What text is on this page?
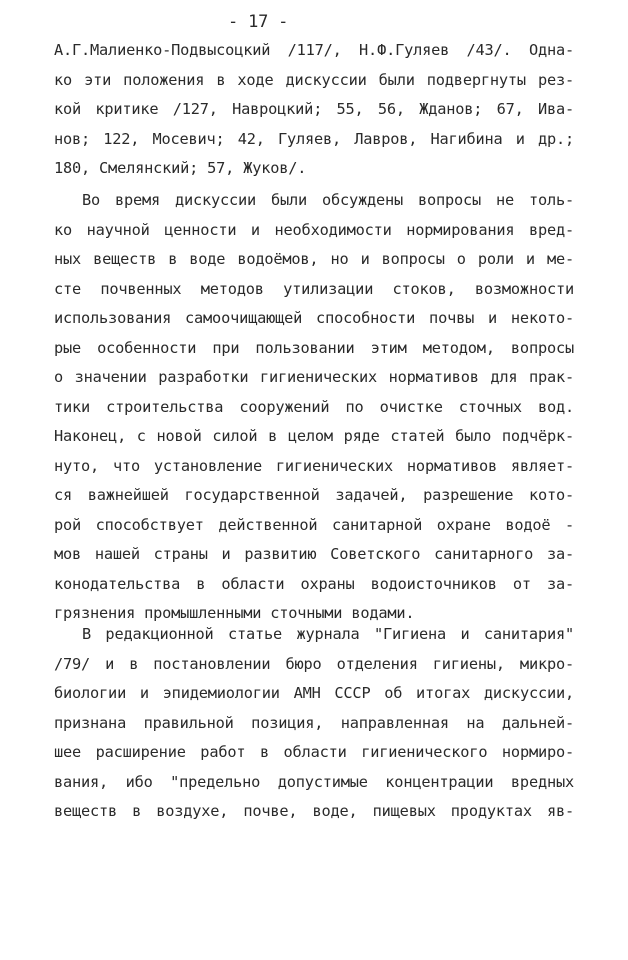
- 17 -
А.Г.Малиенко-Подвысоцкий /117/, Н.Ф.Гуляев /43/. Одна-
ко эти положения в ходе дискуссии были подвергнуты рез-
кой критике /127, Навроцкий; 55, 56, Жданов; 67, Ива-
нов; 122, Мосевич; 42, Гуляев, Лавров, Нагибина и др.;
180, Смелянский; 57, Жуков/.
Во время дискуссии были обсуждены вопросы не толь-
ко научной ценности и необходимости нормирования вред-
ных веществ в воде водоёмов, но и вопросы о роли и ме-
сте почвенных методов утилизации стоков, возможности
использования самоочищающей способности почвы и некото-
рые особенности при пользовании этим методом, вопросы
о значении разработки гигиенических нормативов для прак-
тики строительства сооружений по очистке сточных вод.
Наконец, с новой силой в целом ряде статей было подчёрк-
нуто, что установление гигиенических нормативов являет-
ся важнейшей государственной задачей, разрешение кото-
рой способствует действенной санитарной охране водоё -
мов нашей страны и развитию Советского санитарного за-
конодательства в области охраны водоисточников от за-
грязнения промышленными сточными водами.
В редакционной статье журнала "Гигиена и санитария"
/79/ и в постановлении бюро отделения гигиены, микро-
биологии и эпидемиологии АМН СССР об итогах дискуссии,
признана правильной позиция, направленная на дальней-
шее расширение работ в области гигиенического нормиро-
вания, ибо "предельно допустимые концентрации вредных
веществ в воздухе, почве, воде, пищевых продуктах яв-
